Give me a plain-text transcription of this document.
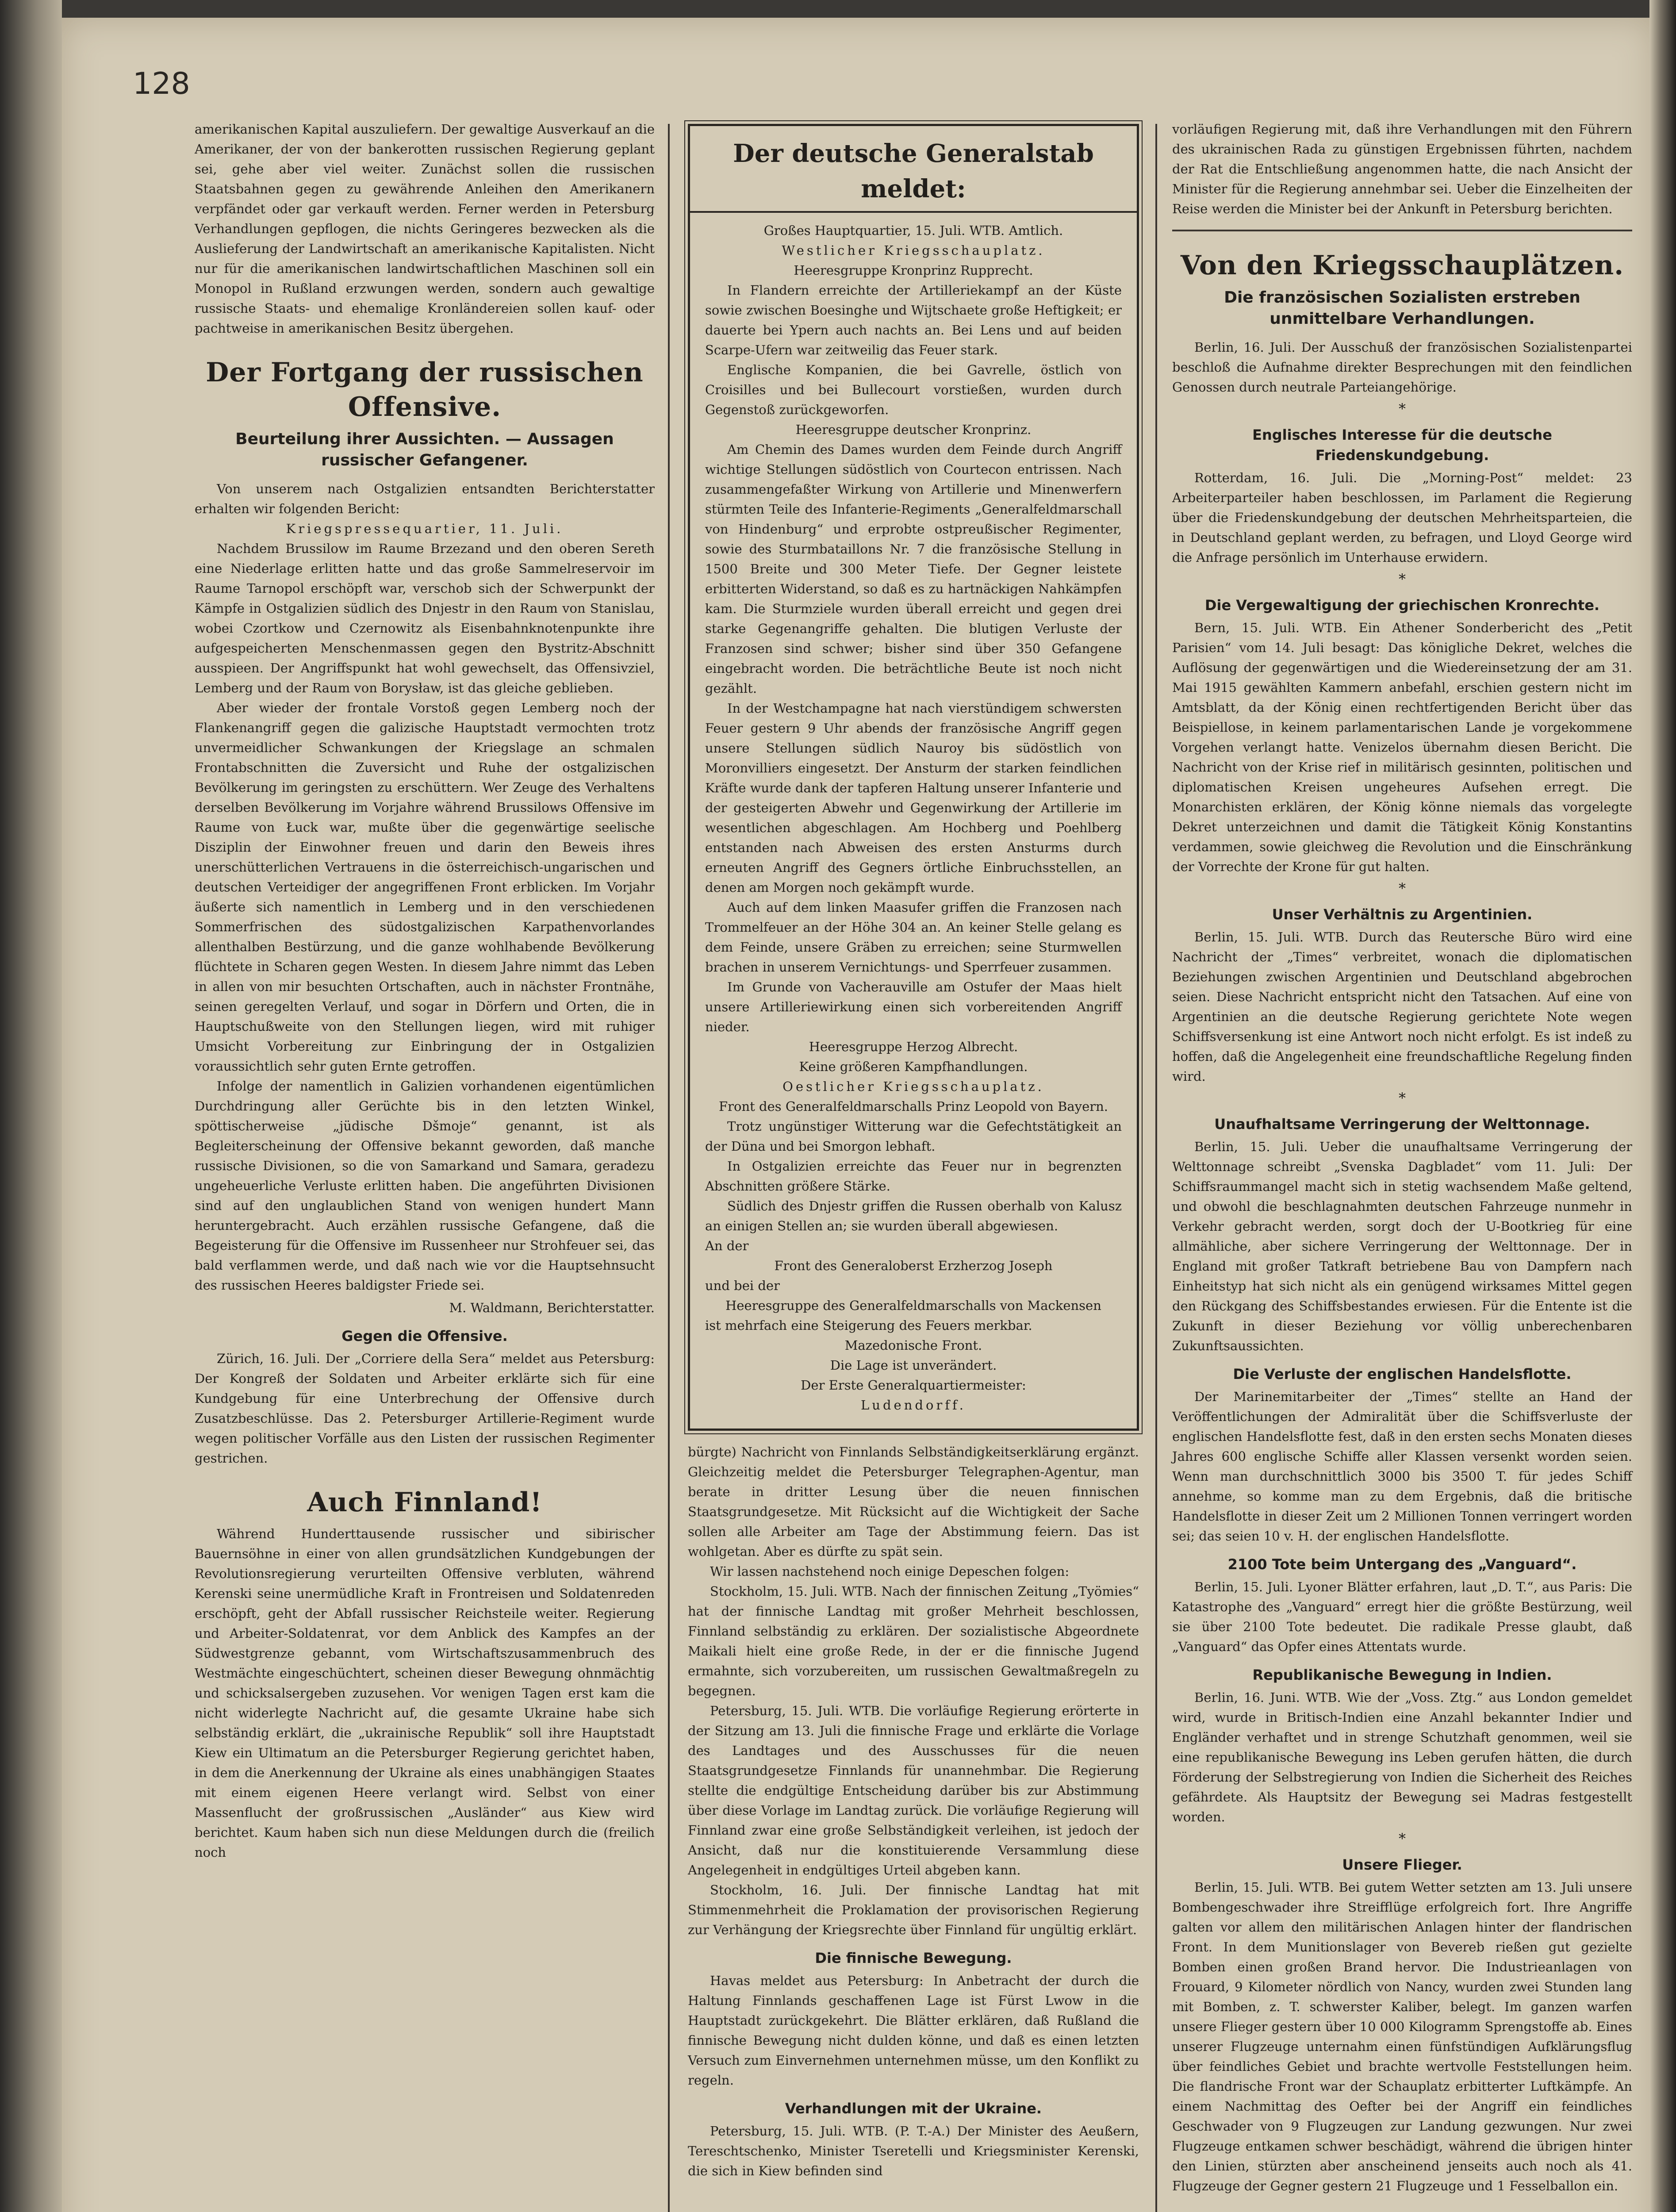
128

amerikanischen Kapital auszuliefern. Der gewaltige Ausverkauf an die Amerikaner, der von der bankerotten russischen Regierung geplant sei, gehe aber viel weiter. Zunächst sollen die russischen Staatsbahnen gegen zu gewährende Anleihen den Amerikanern verpfändet oder gar verkauft werden. Ferner werden in Petersburg Verhandlungen gepflogen, die nichts Geringeres bezwecken als die Auslieferung der Landwirtschaft an amerikanische Kapitalisten. Nicht nur für die amerikanischen landwirtschaftlichen Maschinen soll ein Monopol in Rußland erzwungen werden, sondern auch gewaltige russische Staats- und ehemalige Kronländereien sollen kauf- oder pachtweise in amerikanischen Besitz übergehen.

Der Fortgang der russischen Offensive.
Beurteilung ihrer Aussichten. — Aussagen russischer Gefangener.

Von unserem nach Ostgalizien entsandten Berichterstatter erhalten wir folgenden Bericht:

Kriegspressequartier, 11. Juli.

Nachdem Brussilow im Raume Brzezand und den oberen Sereth eine Niederlage erlitten hatte und das große Sammelreservoir im Raume Tarnopol erschöpft war, verschob sich der Schwerpunkt der Kämpfe in Ostgalizien südlich des Dnjestr in den Raum von Stanislau, wobei Czortkow und Czernowitz als Eisenbahnknotenpunkte ihre aufgespeicherten Menschenmassen gegen den Bystritz-Abschnitt ausspieen. Der Angriffspunkt hat wohl gewechselt, das Offensivziel, Lemberg und der Raum von Borysław, ist das gleiche geblieben.

Aber wieder der frontale Vorstoß gegen Lemberg noch der Flankenangriff gegen die galizische Hauptstadt vermochten trotz unvermeidlicher Schwankungen der Kriegslage an schmalen Frontabschnitten die Zuversicht und Ruhe der ostgalizischen Bevölkerung im geringsten zu erschüttern. Wer Zeuge des Verhaltens derselben Bevölkerung im Vorjahre während Brussilows Offensive im Raume von Łuck war, mußte über die gegenwärtige seelische Disziplin der Einwohner freuen und darin den Beweis ihres unerschütterlichen Vertrauens in die österreichisch-ungarischen und deutschen Verteidiger der angegriffenen Front erblicken. Im Vorjahr äußerte sich namentlich in Lemberg und in den verschiedenen Sommerfrischen des südostgalizischen Karpathenvorlandes allenthalben Bestürzung, und die ganze wohlhabende Bevölkerung flüchtete in Scharen gegen Westen. In diesem Jahre nimmt das Leben in allen von mir besuchten Ortschaften, auch in nächster Frontnähe, seinen geregelten Verlauf, und sogar in Dörfern und Orten, die in Hauptschußweite von den Stellungen liegen, wird mit ruhiger Umsicht Vorbereitung zur Einbringung der in Ostgalizien voraussichtlich sehr guten Ernte getroffen.

Infolge der namentlich in Galizien vorhandenen eigentümlichen Durchdringung aller Gerüchte bis in den letzten Winkel, spöttischerweise „jüdische Dšmoje“ genannt, ist als Begleiterscheinung der Offensive bekannt geworden, daß manche russische Divisionen, so die von Samarkand und Samara, geradezu ungeheuerliche Verluste erlitten haben. Die angeführten Divisionen sind auf den unglaublichen Stand von wenigen hundert Mann heruntergebracht. Auch erzählen russische Gefangene, daß die Begeisterung für die Offensive im Russenheer nur Strohfeuer sei, das bald verflammen werde, und daß nach wie vor die Hauptsehnsucht des russischen Heeres baldigster Friede sei.

M. Waldmann, Berichterstatter.
Gegen die Offensive.

Zürich, 16. Juli. Der „Corriere della Sera“ meldet aus Petersburg: Der Kongreß der Soldaten und Arbeiter erklärte sich für eine Kundgebung für eine Unterbrechung der Offensive durch Zusatzbeschlüsse. Das 2. Petersburger Artillerie-Regiment wurde wegen politischer Vorfälle aus den Listen der russischen Regimenter gestrichen.

Auch Finnland!

Während Hunderttausende russischer und sibirischer Bauernsöhne in einer von allen grundsätzlichen Kundgebungen der Revolutionsregierung verurteilten Offensive verbluten, während Kerenski seine unermüdliche Kraft in Frontreisen und Soldatenreden erschöpft, geht der Abfall russischer Reichsteile weiter. Regierung und Arbeiter-Soldatenrat, vor dem Anblick des Kampfes an der Südwestgrenze gebannt, vom Wirtschaftszusammenbruch des Westmächte eingeschüchtert, scheinen dieser Bewegung ohnmächtig und schicksalsergeben zuzusehen. Vor wenigen Tagen erst kam die nicht widerlegte Nachricht auf, die gesamte Ukraine habe sich selbständig erklärt, die „ukrainische Republik“ soll ihre Hauptstadt Kiew ein Ultimatum an die Petersburger Regierung gerichtet haben, in dem die Anerkennung der Ukraine als eines unabhängigen Staates mit einem eigenen Heere verlangt wird. Selbst von einer Massenflucht der großrussischen „Ausländer“ aus Kiew wird berichtet. Kaum haben sich nun diese Meldungen durch die (freilich noch

Der deutsche Generalstab meldet:

Großes Hauptquartier, 15. Juli. WTB. Amtlich.

Westlicher Kriegsschauplatz.

Heeresgruppe Kronprinz Rupprecht.

In Flandern erreichte der Artilleriekampf an der Küste sowie zwischen Boesinghe und Wijtschaete große Heftigkeit; er dauerte bei Ypern auch nachts an. Bei Lens und auf beiden Scarpe-Ufern war zeitweilig das Feuer stark.

Englische Kompanien, die bei Gavrelle, östlich von Croisilles und bei Bullecourt vorstießen, wurden durch Gegenstoß zurückgeworfen.

Heeresgruppe deutscher Kronprinz.

Am Chemin des Dames wurden dem Feinde durch Angriff wichtige Stellungen südöstlich von Courtecon entrissen. Nach zusammengefaßter Wirkung von Artillerie und Minenwerfern stürmten Teile des Infanterie-Regiments „Generalfeldmarschall von Hindenburg“ und erprobte ostpreußischer Regimenter, sowie des Sturmbataillons Nr. 7 die französische Stellung in 1500 Breite und 300 Meter Tiefe. Der Gegner leistete erbitterten Widerstand, so daß es zu hartnäckigen Nahkämpfen kam. Die Sturmziele wurden überall erreicht und gegen drei starke Gegenangriffe gehalten. Die blutigen Verluste der Franzosen sind schwer; bisher sind über 350 Gefangene eingebracht worden. Die beträchtliche Beute ist noch nicht gezählt.

In der Westchampagne hat nach vierstündigem schwersten Feuer gestern 9 Uhr abends der französische Angriff gegen unsere Stellungen südlich Nauroy bis südöstlich von Moronvilliers eingesetzt. Der Ansturm der starken feindlichen Kräfte wurde dank der tapferen Haltung unserer Infanterie und der gesteigerten Abwehr und Gegenwirkung der Artillerie im wesentlichen abgeschlagen. Am Hochberg und Poehlberg entstanden nach Abweisen des ersten Ansturms durch erneuten Angriff des Gegners örtliche Einbruchsstellen, an denen am Morgen noch gekämpft wurde.

Auch auf dem linken Maasufer griffen die Franzosen nach Trommelfeuer an der Höhe 304 an. An keiner Stelle gelang es dem Feinde, unsere Gräben zu erreichen; seine Sturmwellen brachen in unserem Vernichtungs- und Sperrfeuer zusammen.

Im Grunde von Vacherauville am Ostufer der Maas hielt unsere Artilleriewirkung einen sich vorbereitenden Angriff nieder.

Heeresgruppe Herzog Albrecht.

Keine größeren Kampfhandlungen.

Oestlicher Kriegsschauplatz.

Front des Generalfeldmarschalls Prinz Leopold von Bayern.

Trotz ungünstiger Witterung war die Gefechtstätigkeit an der Düna und bei Smorgon lebhaft.

In Ostgalizien erreichte das Feuer nur in begrenzten Abschnitten größere Stärke.

Südlich des Dnjestr griffen die Russen oberhalb von Kalusz an einigen Stellen an; sie wurden überall abgewiesen.

An der

Front des Generaloberst Erzherzog Joseph

und bei der

Heeresgruppe des Generalfeldmarschalls von Mackensen

ist mehrfach eine Steigerung des Feuers merkbar.

Mazedonische Front.

Die Lage ist unverändert.

Der Erste Generalquartiermeister:

Ludendorff.

bürgte) Nachricht von Finnlands Selbständigkeitserklärung ergänzt. Gleichzeitig meldet die Petersburger Telegraphen-Agentur, man berate in dritter Lesung über die neuen finnischen Staatsgrundgesetze. Mit Rücksicht auf die Wichtigkeit der Sache sollen alle Arbeiter am Tage der Abstimmung feiern. Das ist wohlgetan. Aber es dürfte zu spät sein.

Wir lassen nachstehend noch einige Depeschen folgen:

Stockholm, 15. Juli. WTB. Nach der finnischen Zeitung „Työmies“ hat der finnische Landtag mit großer Mehrheit beschlossen, Finnland selbständig zu erklären. Der sozialistische Abgeordnete Maikali hielt eine große Rede, in der er die finnische Jugend ermahnte, sich vorzubereiten, um russischen Gewaltmaßregeln zu begegnen.

Petersburg, 15. Juli. WTB. Die vorläufige Regierung erörterte in der Sitzung am 13. Juli die finnische Frage und erklärte die Vorlage des Landtages und des Ausschusses für die neuen Staatsgrundgesetze Finnlands für unannehmbar. Die Regierung stellte die endgültige Entscheidung darüber bis zur Abstimmung über diese Vorlage im Landtag zurück. Die vorläufige Regierung will Finnland zwar eine große Selbständigkeit verleihen, ist jedoch der Ansicht, daß nur die konstituierende Versammlung diese Angelegenheit in endgültiges Urteil abgeben kann.

Stockholm, 16. Juli. Der finnische Landtag hat mit Stimmenmehrheit die Proklamation der provisorischen Regierung zur Verhängung der Kriegsrechte über Finnland für ungültig erklärt.

Die finnische Bewegung.

Havas meldet aus Petersburg: In Anbetracht der durch die Haltung Finnlands geschaffenen Lage ist Fürst Lwow in die Hauptstadt zurückgekehrt. Die Blätter erklären, daß Rußland die finnische Bewegung nicht dulden könne, und daß es einen letzten Versuch zum Einvernehmen unternehmen müsse, um den Konflikt zu regeln.

Verhandlungen mit der Ukraine.

Petersburg, 15. Juli. WTB. (P. T.-A.) Der Minister des Aeußern, Tereschtschenko, Minister Tseretelli und Kriegsminister Kerenski, die sich in Kiew befinden sind

vorläufigen Regierung mit, daß ihre Verhandlungen mit den Führern des ukrainischen Rada zu günstigen Ergebnissen führten, nachdem der Rat die Entschließung angenommen hatte, die nach Ansicht der Minister für die Regierung annehmbar sei. Ueber die Einzelheiten der Reise werden die Minister bei der Ankunft in Petersburg berichten.

Von den Kriegsschauplätzen.
Die französischen Sozialisten erstreben unmittelbare Verhandlungen.

Berlin, 16. Juli. Der Ausschuß der französischen Sozialistenpartei beschloß die Aufnahme direkter Besprechungen mit den feindlichen Genossen durch neutrale Parteiangehörige.

*
Englisches Interesse für die deutsche Friedenskundgebung.

Rotterdam, 16. Juli. Die „Morning-Post“ meldet: 23 Arbeiterparteiler haben beschlossen, im Parlament die Regierung über die Friedenskundgebung der deutschen Mehrheitsparteien, die in Deutschland geplant werden, zu befragen, und Lloyd George wird die Anfrage persönlich im Unterhause erwidern.

*
Die Vergewaltigung der griechischen Kronrechte.

Bern, 15. Juli. WTB. Ein Athener Sonderbericht des „Petit Parisien“ vom 14. Juli besagt: Das königliche Dekret, welches die Auflösung der gegenwärtigen und die Wiedereinsetzung der am 31. Mai 1915 gewählten Kammern anbefahl, erschien gestern nicht im Amtsblatt, da der König einen rechtfertigenden Bericht über das Beispiellose, in keinem parlamentarischen Lande je vorgekommene Vorgehen verlangt hatte. Venizelos übernahm diesen Bericht. Die Nachricht von der Krise rief in militärisch gesinnten, politischen und diplomatischen Kreisen ungeheures Aufsehen erregt. Die Monarchisten erklären, der König könne niemals das vorgelegte Dekret unterzeichnen und damit die Tätigkeit König Konstantins verdammen, sowie gleichweg die Revolution und die Einschränkung der Vorrechte der Krone für gut halten.

*
Unser Verhältnis zu Argentinien.

Berlin, 15. Juli. WTB. Durch das Reutersche Büro wird eine Nachricht der „Times“ verbreitet, wonach die diplomatischen Beziehungen zwischen Argentinien und Deutschland abgebrochen seien. Diese Nachricht entspricht nicht den Tatsachen. Auf eine von Argentinien an die deutsche Regierung gerichtete Note wegen Schiffsversenkung ist eine Antwort noch nicht erfolgt. Es ist indeß zu hoffen, daß die Angelegenheit eine freundschaftliche Regelung finden wird.

*
Unaufhaltsame Verringerung der Welttonnage.

Berlin, 15. Juli. Ueber die unaufhaltsame Verringerung der Welttonnage schreibt „Svenska Dagbladet“ vom 11. Juli: Der Schiffsraummangel macht sich in stetig wachsendem Maße geltend, und obwohl die beschlagnahmten deutschen Fahrzeuge nunmehr in Verkehr gebracht werden, sorgt doch der U-Bootkrieg für eine allmähliche, aber sichere Verringerung der Welttonnage. Der in England mit großer Tatkraft betriebene Bau von Dampfern nach Einheitstyp hat sich nicht als ein genügend wirksames Mittel gegen den Rückgang des Schiffsbestandes erwiesen. Für die Entente ist die Zukunft in dieser Beziehung vor völlig unberechenbaren Zukunftsaussichten.

Die Verluste der englischen Handelsflotte.

Der Marinemitarbeiter der „Times“ stellte an Hand der Veröffentlichungen der Admiralität über die Schiffsverluste der englischen Handelsflotte fest, daß in den ersten sechs Monaten dieses Jahres 600 englische Schiffe aller Klassen versenkt worden seien. Wenn man durchschnittlich 3000 bis 3500 T. für jedes Schiff annehme, so komme man zu dem Ergebnis, daß die britische Handelsflotte in dieser Zeit um 2 Millionen Tonnen verringert worden sei; das seien 10 v. H. der englischen Handelsflotte.

2100 Tote beim Untergang des „Vanguard“.

Berlin, 15. Juli. Lyoner Blätter erfahren, laut „D. T.“, aus Paris: Die Katastrophe des „Vanguard“ erregt hier die größte Bestürzung, weil sie über 2100 Tote bedeutet. Die radikale Presse glaubt, daß „Vanguard“ das Opfer eines Attentats wurde.

Republikanische Bewegung in Indien.

Berlin, 16. Juni. WTB. Wie der „Voss. Ztg.“ aus London gemeldet wird, wurde in Britisch-Indien eine Anzahl bekannter Indier und Engländer verhaftet und in strenge Schutzhaft genommen, weil sie eine republikanische Bewegung ins Leben gerufen hätten, die durch Förderung der Selbstregierung von Indien die Sicherheit des Reiches gefährdete. Als Hauptsitz der Bewegung sei Madras festgestellt worden.

*
Unsere Flieger.

Berlin, 15. Juli. WTB. Bei gutem Wetter setzten am 13. Juli unsere Bombengeschwader ihre Streifflüge erfolgreich fort. Ihre Angriffe galten vor allem den militärischen Anlagen hinter der flandrischen Front. In dem Munitionslager von Bevereb rießen gut gezielte Bomben einen großen Brand hervor. Die Industrieanlagen von Frouard, 9 Kilometer nördlich von Nancy, wurden zwei Stunden lang mit Bomben, z. T. schwerster Kaliber, belegt. Im ganzen warfen unsere Flieger gestern über 10 000 Kilogramm Sprengstoffe ab. Eines unserer Flugzeuge unternahm einen fünfstündigen Aufklärungsflug über feindliches Gebiet und brachte wertvolle Feststellungen heim. Die flandrische Front war der Schauplatz erbitterter Luftkämpfe. An einem Nachmittag des Oefter bei der Angriff ein feindliches Geschwader von 9 Flugzeugen zur Landung gezwungen. Nur zwei Flugzeuge entkamen schwer beschädigt, während die übrigen hinter den Linien, stürzten aber anscheinend jenseits auch noch als 41. Flugzeuge der Gegner gestern 21 Flugzeuge und 1 Fesselballon ein.
